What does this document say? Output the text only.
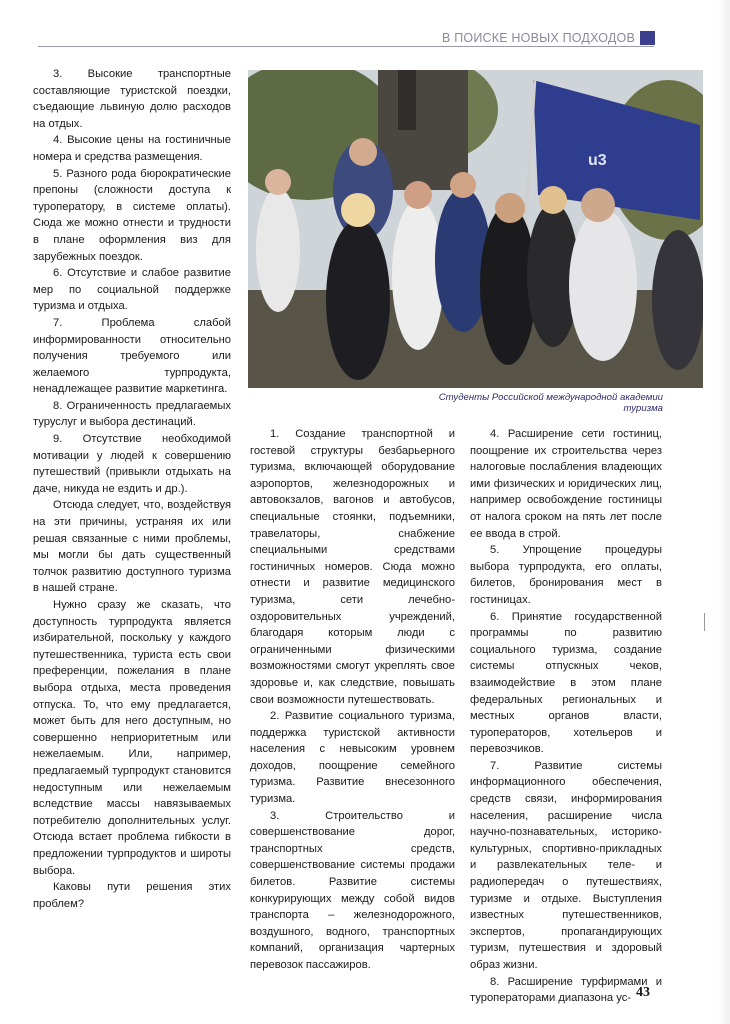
В ПОИСКЕ НОВЫХ ПОДХОДОВ

3. Высокие транспортные составляющие туристской поездки, съедающие львиную долю расходов на отдых.

4. Высокие цены на гостиничные номера и средства размещения.

5. Разного рода бюрократические препоны (сложности доступа к туроператору, в системе оплаты). Сюда же можно отнести и трудности в плане оформления виз для зарубежных поездок.

6. Отсутствие и слабое развитие мер по социальной поддержке туризма и отдыха.

7. Проблема слабой информированности относительно получения требуемого или желаемого турпродукта, ненадлежащее развитие маркетинга.

8. Ограниченность предлагаемых туруслуг и выбора дестинаций.

9. Отсутствие необходимой мотивации у людей к совершению путешествий (привыкли отдыхать на даче, никуда не ездить и др.).

Отсюда следует, что, воздействуя на эти причины, устраняя их или решая связанные с ними проблемы, мы могли бы дать существенный толчок развитию доступного туризма в нашей стране.

Нужно сразу же сказать, что доступность турпродукта является избирательной, поскольку у каждого путешественника, туриста есть свои преференции, пожелания в плане выбора отдыха, места проведения отпуска. То, что ему предлагается, может быть для него доступным, но совершенно неприоритетным или нежелаемым. Или, например, предлагаемый турпродукт становится недоступным или нежелаемым вследствие массы навязываемых потребителю дополнительных услуг. Отсюда встает проблема гибкости в предложении турпродуктов и широты выбора.

Каковы пути решения этих проблем?

u3
Студенты Российской международной академии туризма

1. Создание транспортной и гостевой структуры безбарьерного туризма, включающей оборудование аэропортов, железнодорожных и автовокзалов, вагонов и автобусов, специальные стоянки, подъемники, травелаторы, снабжение специальными средствами гостиничных номеров. Сюда можно отнести и развитие медицинского туризма, сети лечебно-оздоровительных учреждений, благодаря которым люди с ограниченными физическими возможностями смогут укреплять свое здоровье и, как следствие, повышать свои возможности путешествовать.

2. Развитие социального туризма, поддержка туристской активности населения с невысоким уровнем доходов, поощрение семейного туризма. Развитие внесезонного туризма.

3. Строительство и совершенствование дорог, транспортных средств, совершенствование системы продажи билетов. Развитие системы конкурирующих между собой видов транспорта – железнодорожного, воздушного, водного, транспортных компаний, организация чартерных перевозок пассажиров.

4. Расширение сети гостиниц, поощрение их строительства через налоговые послабления владеющих ими физических и юридических лиц, например освобождение гостиницы от налога сроком на пять лет после ее ввода в строй.

5. Упрощение процедуры выбора турпродукта, его оплаты, билетов, бронирования мест в гостиницах.

6. Принятие государственной программы по развитию социального туризма, создание системы отпускных чеков, взаимодействие в этом плане федеральных региональных и местных органов власти, туроператоров, хотельеров и перевозчиков.

7. Развитие системы информационного обеспечения, средств связи, информирования населения, расширение числа научно-познавательных, историко-культурных, спортивно-прикладных и развлекательных теле- и радиопередач о путешествиях, туризме и отдыхе. Выступления известных путешественников, экспертов, пропагандирующих туризм, путешествия и здоровый образ жизни.

8. Расширение турфирмами и туроператорами диапазона ус- 43
